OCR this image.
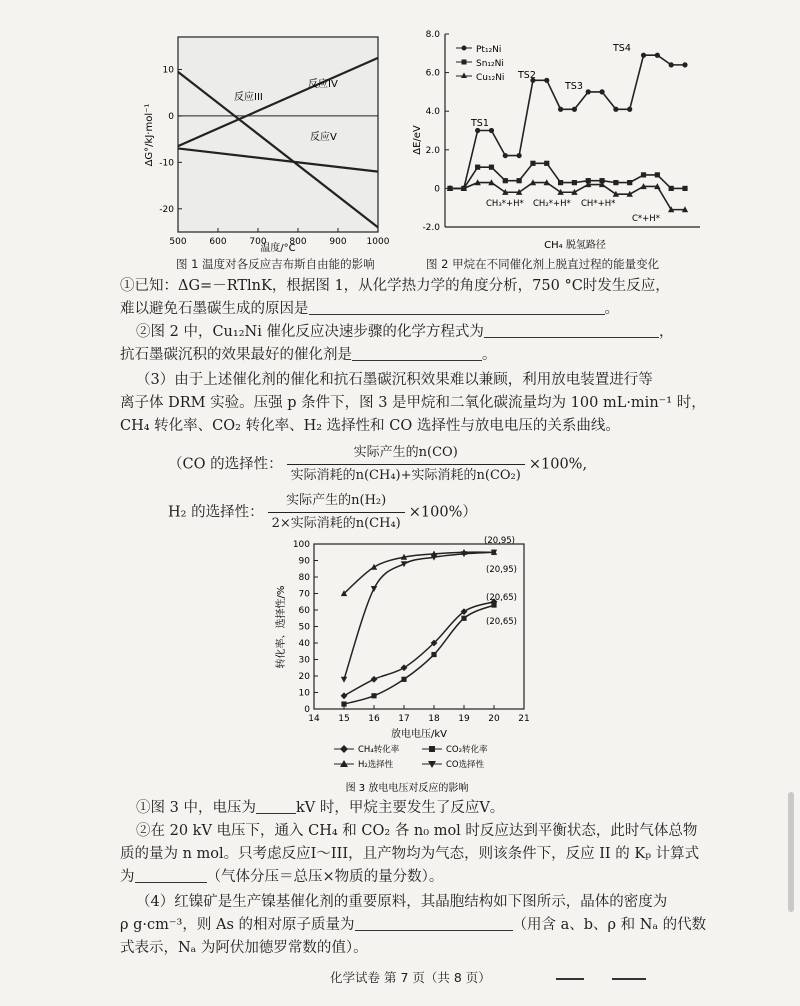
ΔG°/kJ·mol⁻¹
温度/°C
500	600	700	800	900 1000
10
0
-10
-20
反应III
反应IV
反应V
图 1 温度对各反应吉布斯自由能的影响
ΔE/eV
CH₄ 脱氢路径
8.0
6.0
4.0
2.0
0
-2.0
Pt₁₂Ni
Sn₁₂Ni
Cu₁₂Ni
TS1
TS2
TS3
TS4
CH₃*+H* CH₂*+H* CH*+H*
C*+H*
图 2 甲烷在不同催化剂上脱直过程的能量变化
①已知：ΔG=－RTlnK，根据图 1，从化学热力学的角度分析，750 °C时发生反应，
难以避免石墨碳生成的原因是	。
②图 2 中，Cu₁₂Ni 催化反应决速步骤的化学方程式为	，
抗石墨碳沉积的效果最好的催化剂是	。
（3）由于上述催化剂的催化和抗石墨碳沉积效果难以兼顾，利用放电装置进行等
离子体 DRM 实验。压强 p 条件下，图 3 是甲烷和二氧化碳流量均为 100 mL·min⁻¹ 时，
CH₄ 转化率、CO₂ 转化率、H₂ 选择性和 CO 选择性与放电电压的关系曲线。
（CO 的选择性： $\frac{\text{实际产生的n(CO)}}{\text{实际消耗的n(CH₄)+实际消耗的n(CO₂)}} \times 100\%$,
H₂ 的选择性： $\frac{\text{实际产生的n(H₂)}}{\text{2×实际消耗的n(CH₄)}} \times 100\%$）
转化率、选择性/%
放电电压/kV
14 15 16 17 18 19 20 21
0
10
20
30
40
50
60
70
80
90
100	(20,95)
(20,95)
(20,65)
(20,65)
CH₄转化率	CO₂转化率
H₂选择性	CO选择性
图 3 放电电压对反应的影响
①图 3 中，电压为	kV 时，甲烷主要发生了反应V。
②在 20 kV 电压下，通入 CH₄ 和 CO₂ 各 n₀ mol 时反应达到平衡状态，此时气体总物
质的量为 n mol。只考虑反应I～III，且产物均为气态，则该条件下，反应 II 的 Kₚ 计算式
为	（气体分压＝总压×物质的量分数）。
（4）红镍矿是生产镍基催化剂的重要原料，其晶胞结构如下图所示，晶体的密度为
ρ g·cm⁻³，则 As 的相对原子质量为	（用含 a、b、ρ 和 Nₐ 的代数
式表示，Nₐ 为阿伏加德罗常数的值）。
化学试卷 第 7 页（共 8 页）
